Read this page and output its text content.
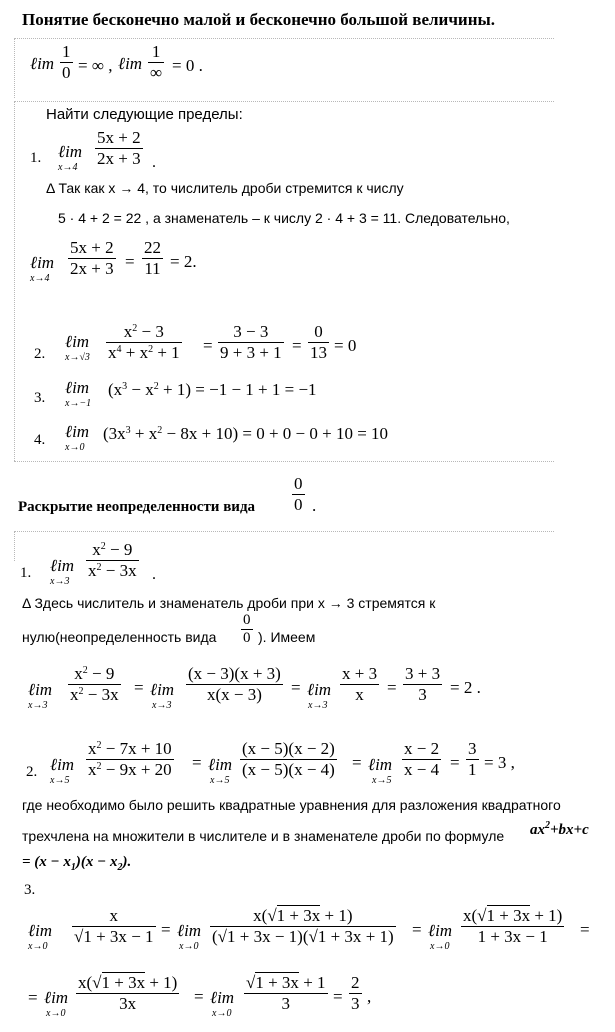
Понятие бесконечно малой и бесконечно большой величины.
ℓim $\frac{1}{0}$ = ∞ , ℓim
1
∞ = 0 .
Найти следующие пределы:
1. ℓim
$x\to 4 \frac{5x + 2}{2x + 3}$ .
Δ Так как x → 4, то числитель дроби стремится к числу
5 · 4 + 2 = 22 , а знаменатель – к числу 2 · 4 + 3 = 11. Следовательно,
ℓim
$x\to 4 \frac{5x + 2}{2x + 3} = \frac{22}{11} = 2$.
2.
ℓim
$x\to√3 \frac{x^2 - 3}{x^4 + x^2 + 1} = \frac{3 - 3}{9 + 3 + 1} = \frac{0}{13} = 0$
3.
ℓim
x→−1
$(x^3 - x^2 + 1) = -1 - 1 + 1 = -1$
4. ℓim
x→0
$(3x^3 + x^2 - 8x + 10) = 0 + 0 - 0 + 10 = 10$
Раскрытие неопределенности вида $\frac{0}{0}$ .
1. ℓim
x→3
$\frac{x^2 - 9}{x^2 - 3x}$ .
Δ Здесь числитель и знаменатель дроби при x → 3 стремятся к
нулю(неопределенность вида $\frac{0}{0}$ ). Имеем
ℓim
x→3
$\frac{x^2 - 9}{x^2 - 3x}$ = ℓim
x→3
$\frac{(x - 3)(x + 3)}{x(x - 3)}$ = ℓim
x→3
$\frac{x + 3}{x} = \frac{3 + 3}{3} = 2$ .
2. ℓim
x→5
$\frac{x^2 - 7x + 10}{x^2 - 9x + 20}$ = ℓim
x→5
$\frac{(x - 5)(x - 2)}{(x - 5)(x - 4)}$ = ℓim
x→5
$\frac{x - 2}{x - 4} = \frac{3}{1} = 3$ ,
где необходимо было решить квадратные уравнения для разложения квадратного
трехчлена на множители в числителе и в знаменателе дроби по формуле $ax^2+bx+c$
= $(x - x_1)(x - x_2)$.
3.
ℓim
$x\to 0 \frac{x}{√1 + 3x - 1}$ = ℓim
$x\to 0 \frac{x(√1 + 3x + 1)}{(√1 + 3x - 1)(√1 + 3x + 1)}$ = ℓim
$x\to 0 \frac{x(√1 + 3x + 1)}{1 + 3x - 1}$ =
= ℓim
$x\to 0 \frac{x(√1 + 3x + 1)}{3x}$ = ℓim
$x\to 0 \frac{√1 + 3x + 1}{3} = \frac{2}{3}$ ,
